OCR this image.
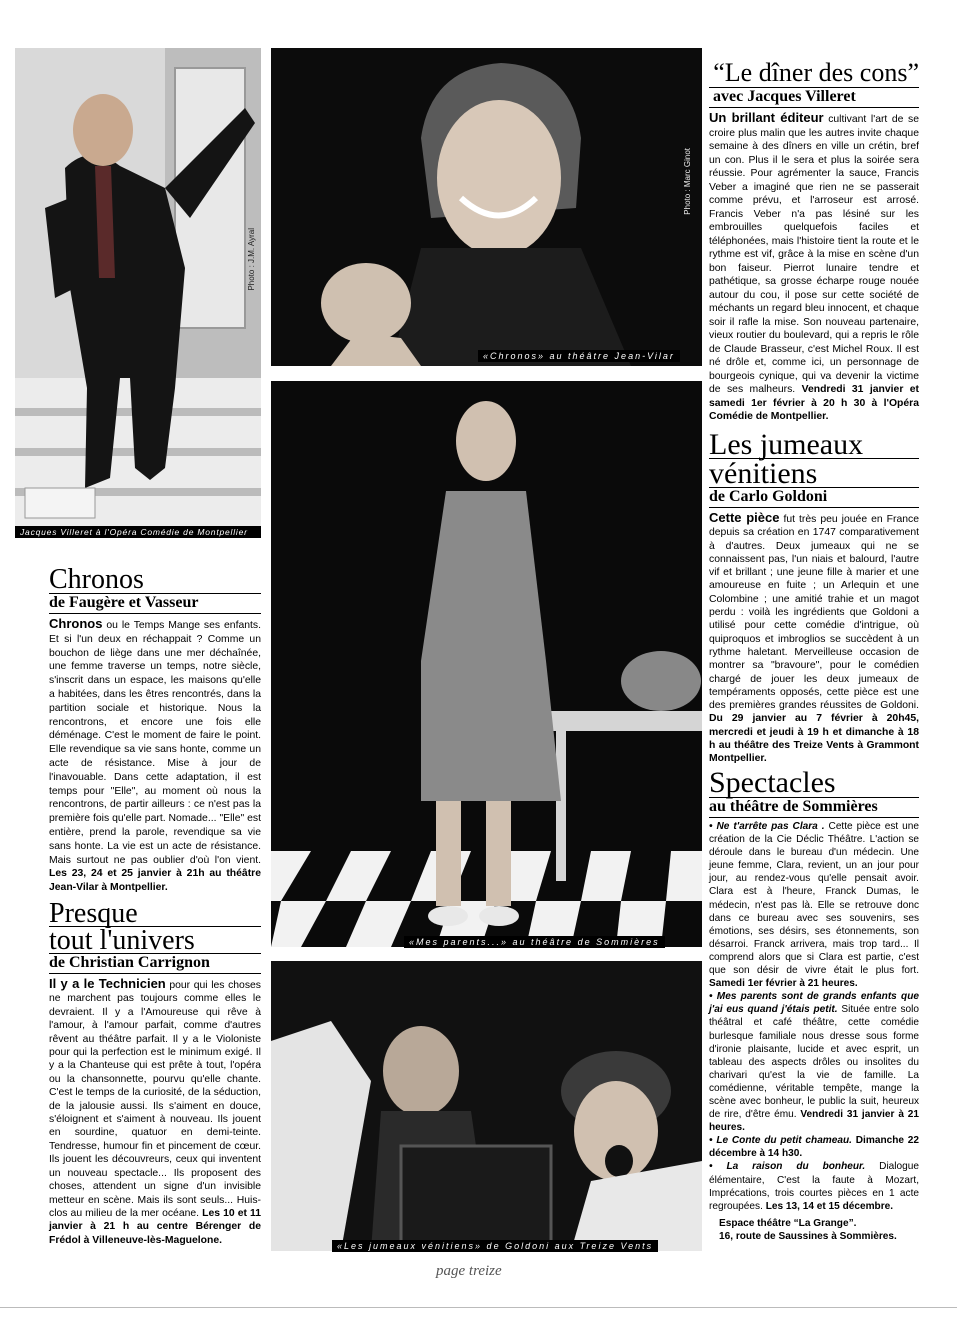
Photo : J.M. Ayral
Jacques Villeret à l'Opéra Comédie de Montpellier
Photo : Marc Ginot
«Chronos» au théâtre Jean-Vilar
«Mes parents...» au théâtre de Sommières
«Les jumeaux vénitiens» de Goldoni aux Treize Vents
“Le dîner des cons”
avec Jacques Villeret
Un brillant éditeur cultivant l'art de se croire plus malin que les autres invite chaque semaine à des dîners en ville un crétin, bref un con. Plus il le sera et plus la soirée sera réussie. Pour agrémenter la sauce, Francis Veber a imaginé que rien ne se passerait comme prévu, et l'arroseur est arrosé. Francis Veber n'a pas lésiné sur les embrouilles quelquefois faciles et téléphonées, mais l'histoire tient la route et le rythme est vif, grâce à la mise en scène d'un bon faiseur. Pierrot lunaire tendre et pathétique, sa grosse écharpe rouge nouée autour du cou, il pose sur cette société de méchants un regard bleu innocent, et chaque soir il rafle la mise. Son nouveau partenaire, vieux routier du boulevard, qui a repris le rôle de Claude Brasseur, c'est Michel Roux. Il est né drôle et, comme ici, un personnage de bourgeois cynique, qui va devenir la victime de ses malheurs. Vendredi 31 janvier et samedi 1er février à 20 h 30 à l'Opéra Comédie de Montpellier.
Les jumeaux
vénitiens
de Carlo Goldoni
Cette pièce fut très peu jouée en France depuis sa création en 1747 comparativement à d'autres. Deux jumeaux qui ne se connaissent pas, l'un niais et balourd, l'autre vif et brillant ; une jeune fille à marier et une amoureuse en fuite ; un Arlequin et une Colombine ; une amitié trahie et un magot perdu : voilà les ingrédients que Goldoni a utilisé pour cette comédie d'intrigue, où quiproquos et imbroglios se succèdent à un rythme haletant. Merveilleuse occasion de montrer sa "bravoure", pour le comédien chargé de jouer les deux jumeaux de tempéraments opposés, cette pièce est une des premières grandes réussites de Goldoni. Du 29 janvier au 7 février à 20h45, mercredi et jeudi à 19 h et dimanche à 18 h au théâtre des Treize Vents à Grammont Montpellier.
Spectacles
au théâtre de Sommières
• Ne t'arrête pas Clara . Cette pièce est une création de la Cie Déclic Théâtre. L'action se déroule dans le bureau d'un médecin. Une jeune femme, Clara, revient, un an jour pour jour, au rendez-vous qu'elle pensait avoir. Clara est à l'heure, Franck Dumas, le médecin, n'est pas là. Elle se retrouve donc dans ce bureau avec ses souvenirs, ses émotions, ses désirs, ses étonnements, son désarroi. Franck arrivera, mais trop tard... Il comprend alors que si Clara est partie, c'est que son désir de vivre était le plus fort. Samedi 1er février à 21 heures.
• Mes parents sont de grands enfants que j'ai eus quand j'étais petit. Située entre solo théâtral et café théâtre, cette comédie burlesque familiale nous dresse sous forme d'ironie plaisante, lucide et avec esprit, un tableau des aspects drôles ou insolites du charivari qu'est la vie de famille. La comédienne, véritable tempête, mange la scène avec bonheur, le public la suit, heureux de rire, d'être ému. Vendredi 31 janvier à 21 heures.
• Le Conte du petit chameau. Dimanche 22 décembre à 14 h30.
• La raison du bonheur. Dialogue élémentaire, C'est la faute à Mozart, Imprécations, trois courtes pièces en 1 acte regroupées. Les 13, 14 et 15 décembre.
Espace théâtre “La Grange”.
16, route de Saussines à Sommières.
Chronos
de Faugère et Vasseur
Chronos ou le Temps Mange ses enfants. Et si l'un deux en réchappait ? Comme un bouchon de liège dans une mer déchaînée, une femme traverse un temps, notre siècle, s'inscrit dans un espace, les maisons qu'elle a habitées, dans les êtres rencontrés, dans la partition sociale et historique. Nous la rencontrons, et encore une fois elle déménage. C'est le moment de faire le point. Elle revendique sa vie sans honte, comme un acte de résistance. Mise à jour de l'inavouable. Dans cette adaptation, il est temps pour "Elle", au moment où nous la rencontrons, de partir ailleurs : ce n'est pas la première fois qu'elle part. Nomade... "Elle" est entière, prend la parole, revendique sa vie sans honte. La vie est un acte de résistance. Mais surtout ne pas oublier d'où l'on vient. Les 23, 24 et 25 janvier à 21h au théâtre Jean-Vilar à Montpellier.
Presque
tout l'univers
de Christian Carrignon
Il y a le Technicien pour qui les choses ne marchent pas toujours comme elles le devraient. Il y a l'Amoureuse qui rêve à l'amour, à l'amour parfait, comme d'autres rêvent au théâtre parfait. Il y a le Violoniste pour qui la perfection est le minimum exigé. Il y a la Chanteuse qui est prête à tout, l'opéra ou la chansonnette, pourvu qu'elle chante. C'est le temps de la curiosité, de la séduction, de la jalousie aussi. Ils s'aiment en douce, s'éloignent et s'aiment à nouveau. Ils jouent en sourdine, quatuor en demi-teinte. Tendresse, humour fin et pincement de cœur. Ils jouent les découvreurs, ceux qui inventent un nouveau spectacle... Ils proposent des choses, attendent un signe d'un invisible metteur en scène. Mais ils sont seuls... Huis-clos au milieu de la mer océane. Les 10 et 11 janvier à 21 h au centre Bérenger de Frédol à Villeneuve-lès-Maguelone.
page treize
